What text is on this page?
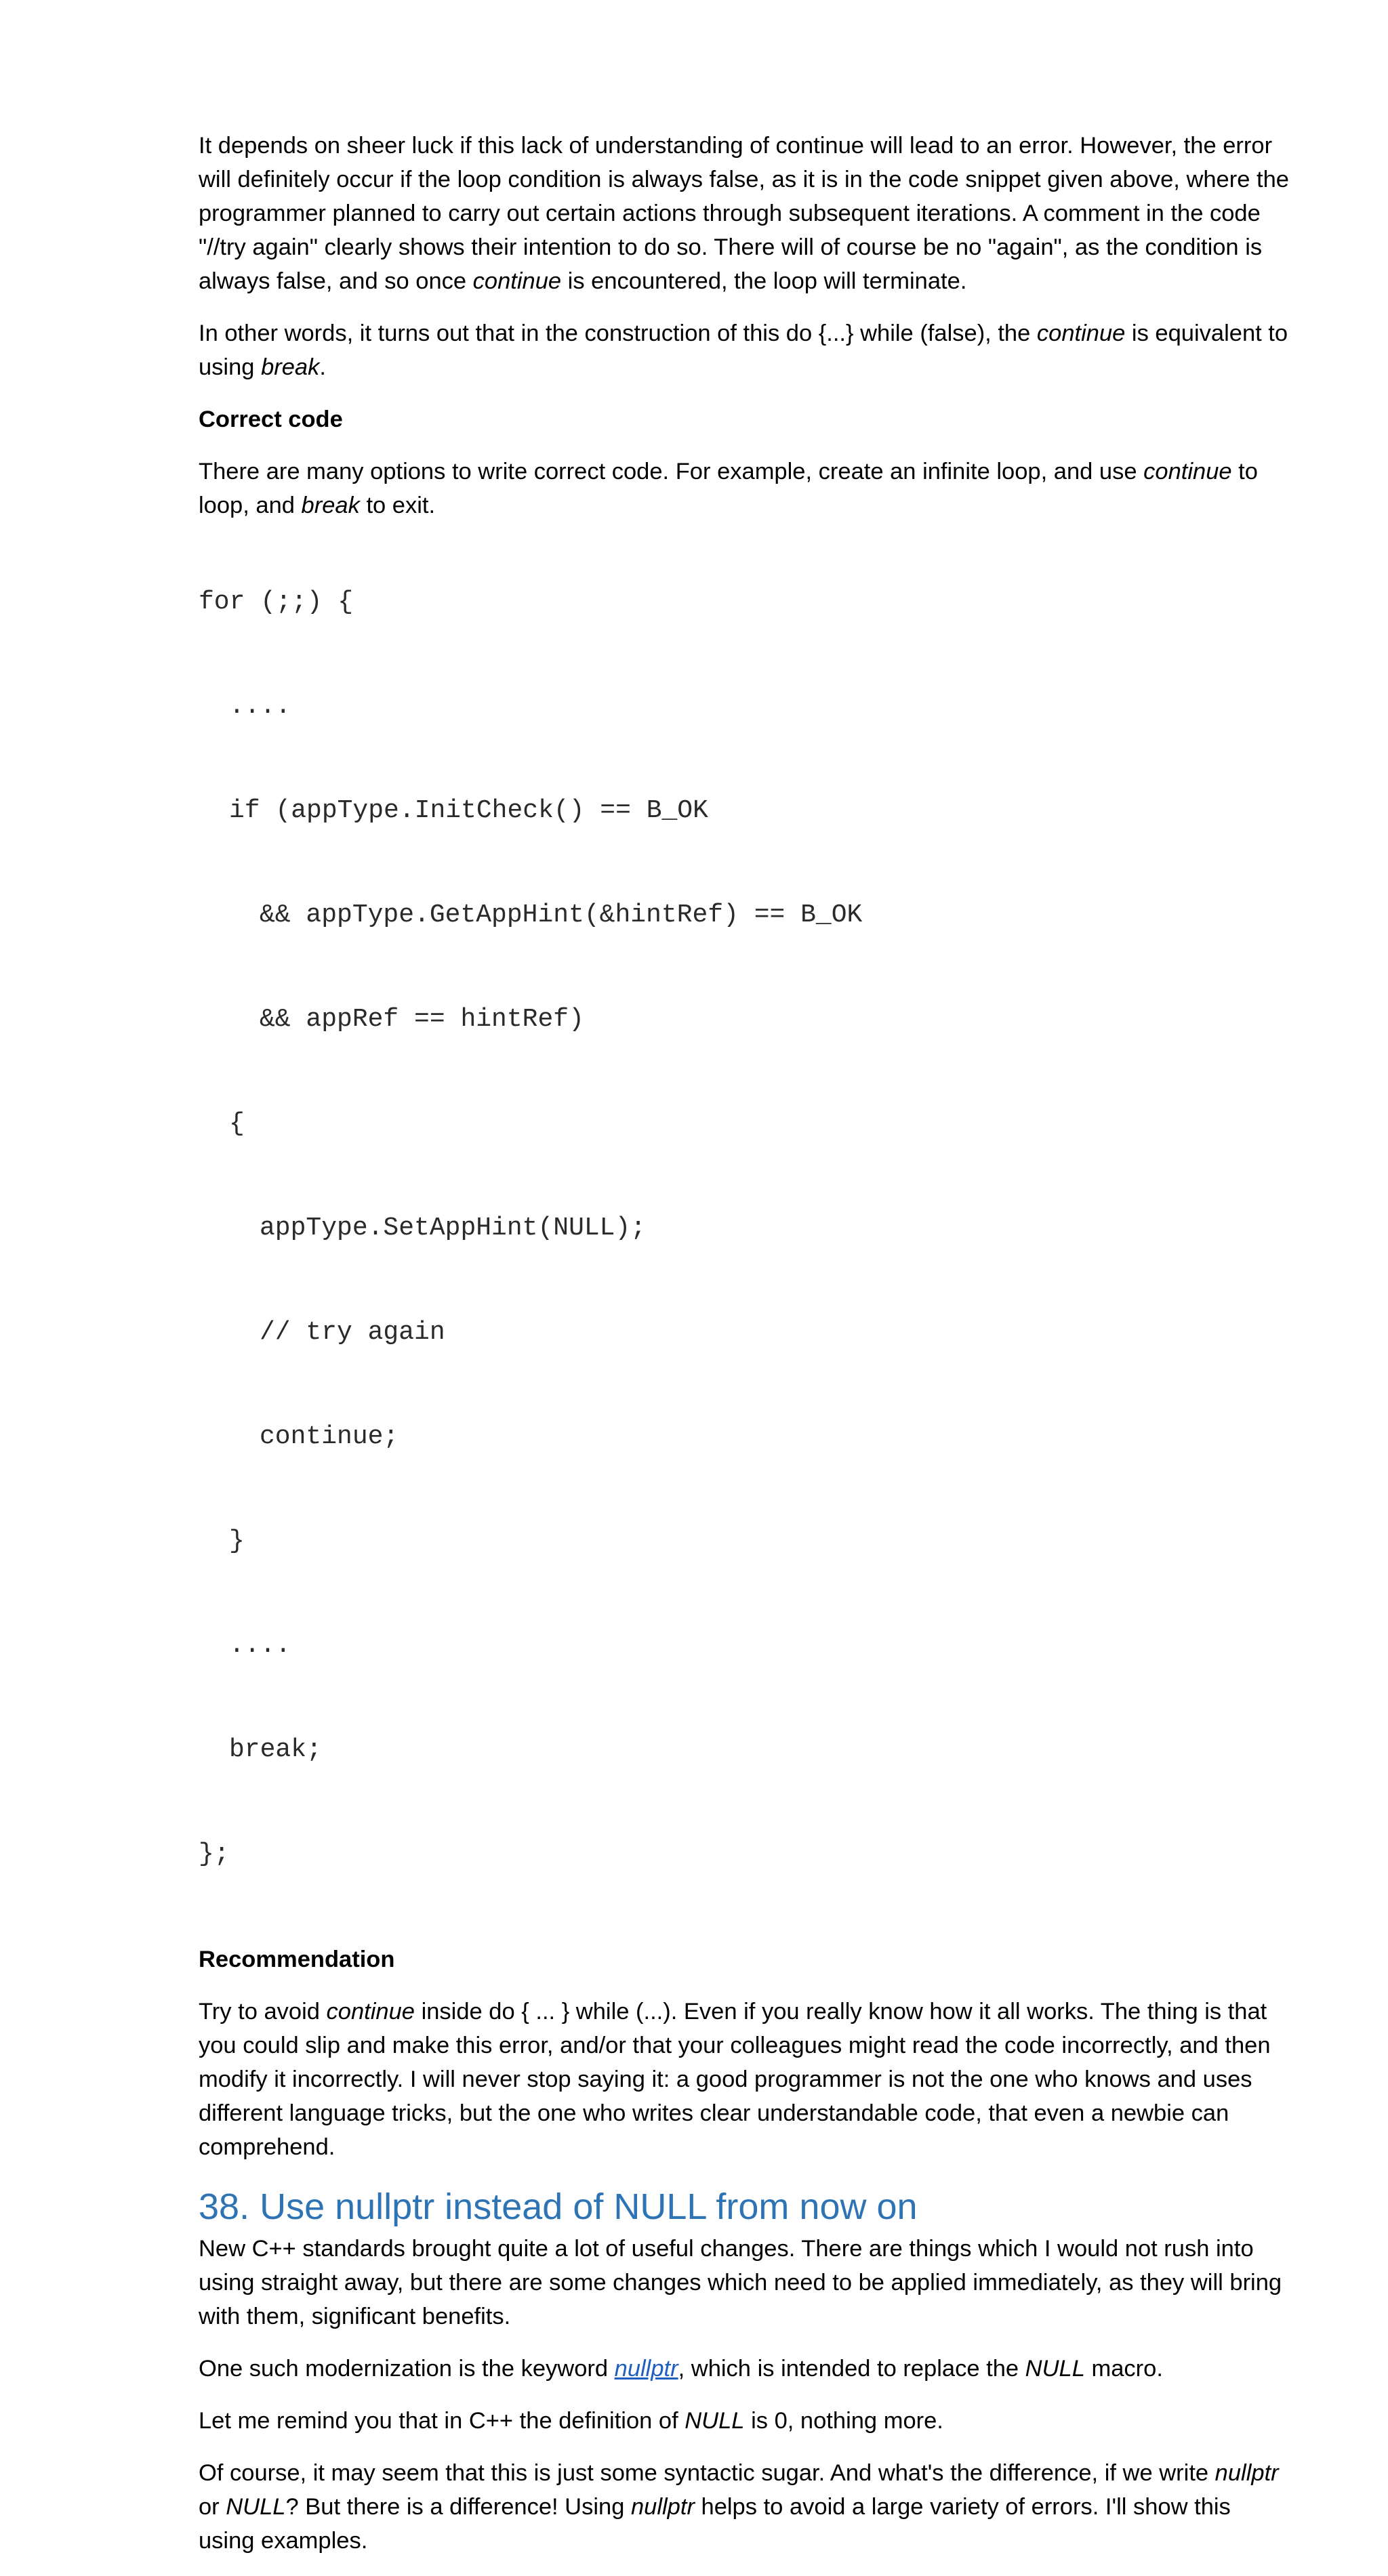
It depends on sheer luck if this lack of understanding of continue will lead to an error. However, the error will definitely occur if the loop condition is always false, as it is in the code snippet given above, where the programmer planned to carry out certain actions through subsequent iterations. A comment in the code "//try again" clearly shows their intention to do so. There will of course be no "again", as the condition is always false, and so once continue is encountered, the loop will terminate.

In other words, it turns out that in the construction of this do {...} while (false), the continue is equivalent to using break.

Correct code

There are many options to write correct code. For example, create an infinite loop, and use continue to loop, and break to exit.

for (;;) {

....

if (appType.InitCheck() == B_OK

&& appType.GetAppHint(&hintRef) == B_OK

&& appRef == hintRef)

{

appType.SetAppHint(NULL);

// try again

continue;

}

....

break;

};

Recommendation

Try to avoid continue inside do { ... } while (...). Even if you really know how it all works. The thing is that you could slip and make this error, and/or that your colleagues might read the code incorrectly, and then modify it incorrectly. I will never stop saying it: a good programmer is not the one who knows and uses different language tricks, but the one who writes clear understandable code, that even a newbie can comprehend.

38. Use nullptr instead of NULL from now on

New C++ standards brought quite a lot of useful changes. There are things which I would not rush into using straight away, but there are some changes which need to be applied immediately, as they will bring with them, significant benefits.

One such modernization is the keyword nullptr, which is intended to replace the NULL macro.

Let me remind you that in C++ the definition of NULL is 0, nothing more.

Of course, it may seem that this is just some syntactic sugar. And what's the difference, if we write nullptr or NULL? But there is a difference! Using nullptr helps to avoid a large variety of errors. I'll show this using examples.
